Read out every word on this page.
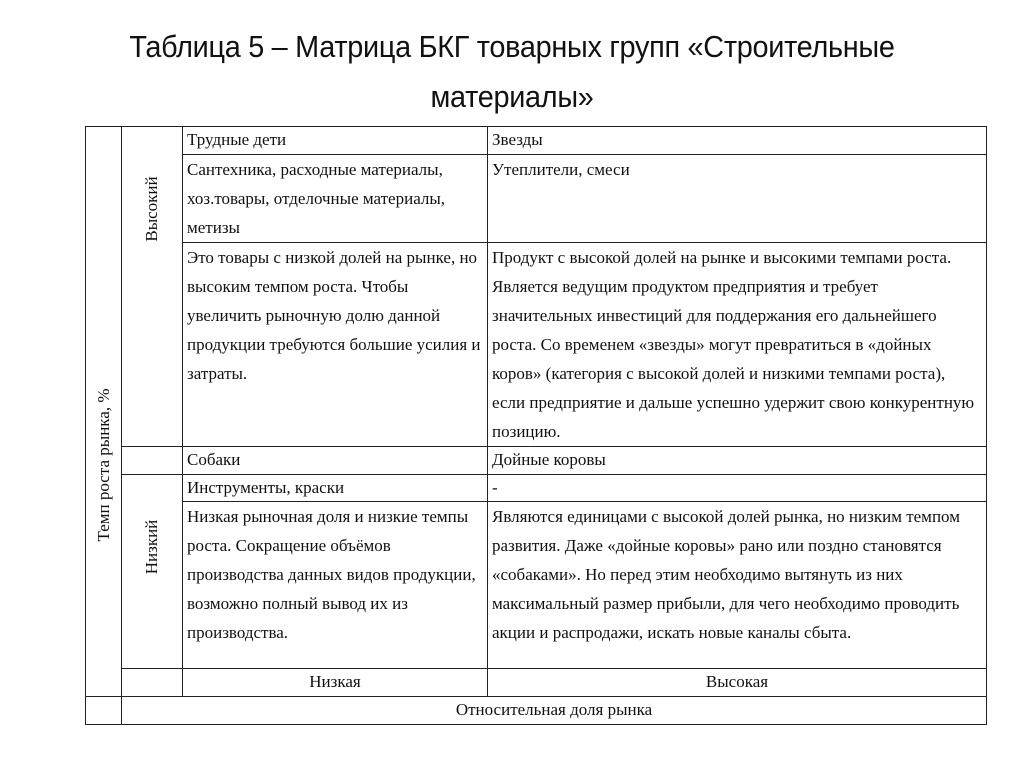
Таблица 5 – Матрица БКГ товарных групп «Строительные
материалы»
Темп роста рынка, %	Высокий	Трудные дети	Звезды
		Сантехника, расходные материалы, хоз.товары, отделочные материалы, метизы	Утеплители, смеси
		Это товары с низкой долей на рынке, но высоким темпом роста. Чтобы увеличить рыночную долю данной продукции требуются большие усилия и затраты.	Продукт с высокой долей на рынке и высокими темпами роста. Является ведущим продуктом предприятия и требует значительных инвестиций для поддержания его дальнейшего роста. Со временем «звезды» могут превратиться в «дойных коров» (категория с высокой долей и низкими темпами роста), если предприятие и дальше успешно удержит свою конкурентную позицию.
		Собаки	Дойные коровы

	Низкий	Инструменты, краски	-
		Низкая рыночная доля и низкие темпы роста. Сокращение объёмов производства данных видов продукции, возможно полный вывод их из производства.	Являются единицами с высокой долей рынка, но низким темпом развития. Даже «дойные коровы» рано или поздно становятся «собаками». Но перед этим необходимо вытянуть из них максимальный размер прибыли, для чего необходимо проводить акции и распродажи, искать новые каналы сбыта.
		Низкая	Высокая
	Относительная доля рынка		
